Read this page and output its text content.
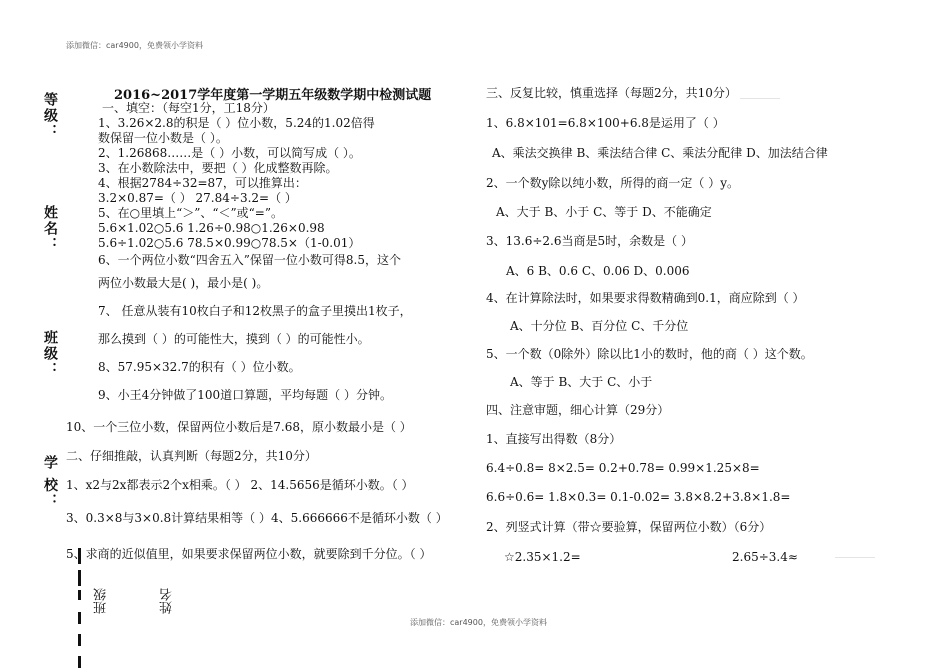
添加微信：car4900，免费领小学资料
添加微信：car4900，免费领小学资料
等级：
姓名：
班级：
学 校：
班级	姓名
2016~2017学年度第一学期五年级数学期中检测试题
一、填空：（每空1分，工18分）
1、3.26×2.8的积是（ ）位小数，5.24的1.02倍得
数保留一位小数是（ ）。
2、1.26868……是（ ）小数，可以简写成（ ）。
3、在小数除法中，要把（ ）化成整数再除。
4、根据2784÷32=87，可以推算出：
3.2×0.87=（ ） 27.84÷3.2=（ ）
5、在○里填上“＞”、“＜”或“=”。
5.6×1.02○5.6 1.26÷0.98○1.26×0.98
5.6÷1.02○5.6 78.5×0.99○78.5×（1-0.01）
6、一个两位小数“四舍五入”保留一位小数可得8.5，这个
两位小数最大是( )，最小是( )。
7、 任意从装有10枚白子和12枚黑子的盒子里摸出1枚子，
那么摸到（ ）的可能性大，摸到（ ）的可能性小。
8、57.95×32.7的积有（ ）位小数。
9、小王4分钟做了100道口算题，平均每题（ ）分钟。
10、一个三位小数，保留两位小数后是7.68，原小数最小是（ ）
二、仔细推敲，认真判断（每题2分，共10分）
1、x2与2x都表示2个x相乘。（ ） 2、14.5656是循环小数。（ ）
3、0.3×8与3×0.8计算结果相等（ ）4、5.666666不是循环小数（ ）
5、求商的近似值里，如果要求保留两位小数，就要除到千分位。（ ）
三、反复比较，慎重选择（每题2分，共10分）
1、6.8×101=6.8×100+6.8是运用了（ ）
A、乘法交换律 B、乘法结合律 C、乘法分配律 D、加法结合律
2、一个数y除以纯小数，所得的商一定（ ）y。
A、大于 B、小于 C、等于 D、不能确定
3、13.6÷2.6当商是5时，余数是（ ）
A、6 B、0.6 C、0.06 D、0.006
4、在计算除法时，如果要求得数精确到0.1，商应除到（ ）
A、十分位 B、百分位 C、千分位
5、一个数（0除外）除以比1小的数时，他的商（ ）这个数。
A、等于 B、大于 C、小于
四、注意审题，细心计算（29分）
1、直接写出得数（8分）
6.4÷0.8= 8×2.5= 0.2+0.78= 0.99×1.25×8=
6.6÷0.6= 1.8×0.3= 0.1-0.02= 3.8×8.2+3.8×1.8=
2、列竖式计算（带☆要验算，保留两位小数）（6分）
☆2.35×1.2=	2.65÷3.4≈
